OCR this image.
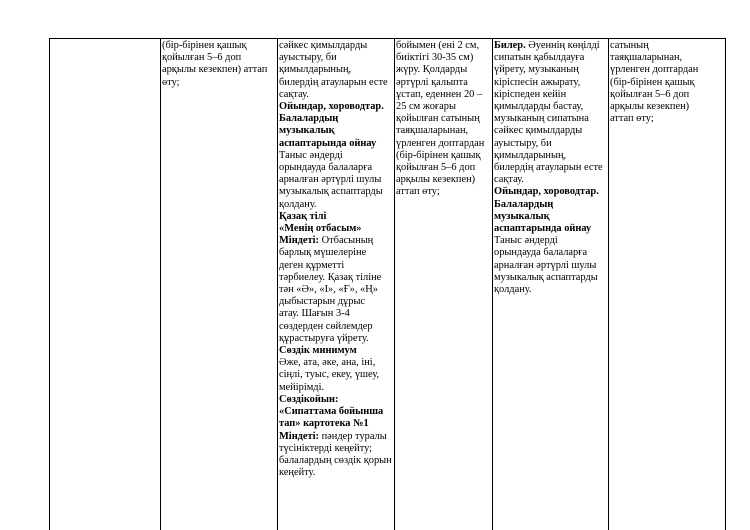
(бір-бірінен қашық
қойылған 5–6 доп
арқылы кезекпен) аттап
өту;
сәйкес қимылдарды
ауыстыру, би
қимылдарының,
билердің атауларын есте
сақтау.
Ойындар, хороводтар.
Балалардың
музыкалық
аспаптарында ойнау
Таныс әндерді
орындауда балаларға
арналған әртүрлі шулы
музыкалық аспаптарды
қолдану.
Қазақ тілі
«Менің отбасым»
Міндеті: Отбасының
барлық мүшелеріне
деген құрметті
тәрбиелеу. Қазақ тіліне
тән «Ә», «І», «Ғ», «Ң»
дыбыстарын дұрыс
атау. Шағын 3-4
сөздерден сөйлемдер
құрастыруға үйрету.
Сөздік минимум
Әже, ата, әке, ана, іні,
сіңлі, туыс, екеу, үшеу,
мейірімді.
Сөздікойын:
«Сипаттама бойынша
тап» картотека №1
Міндеті: пәндер туралы
түсініктерді кеңейту;
балалардың сөздік қорын
кеңейту.
бойымен (ені 2 см,
биіктігі 30-35 см)
жүру. Қолдарды
әртүрлі қалыпта
ұстап, еденнен 20 –
25 см жоғары
қойылған сатының
таяқшаларынан,
үрленген доптардан
(бір-бірінен қашық
қойылған 5–6 доп
арқылы кезекпен)
аттап өту;
Билер. Әуеннің көңілді
сипатын қабылдауға
үйрету, музыканың
кіріспесін ажырату,
кіріспеден кейін
қимылдарды бастау,
музыканың сипатына
сәйкес қимылдарды
ауыстыру, би
қимылдарының,
билердің атауларын есте
сақтау.
Ойындар, хороводтар.
Балалардың
музыкалық
аспаптарында ойнау
Таныс әндерді
орындауда балаларға
арналған әртүрлі шулы
музыкалық аспаптарды
қолдану.
сатының
таяқшаларынан,
үрленген доптардан
(бір-бірінен қашық
қойылған 5–6 доп
арқылы кезекпен)
аттап өту;
